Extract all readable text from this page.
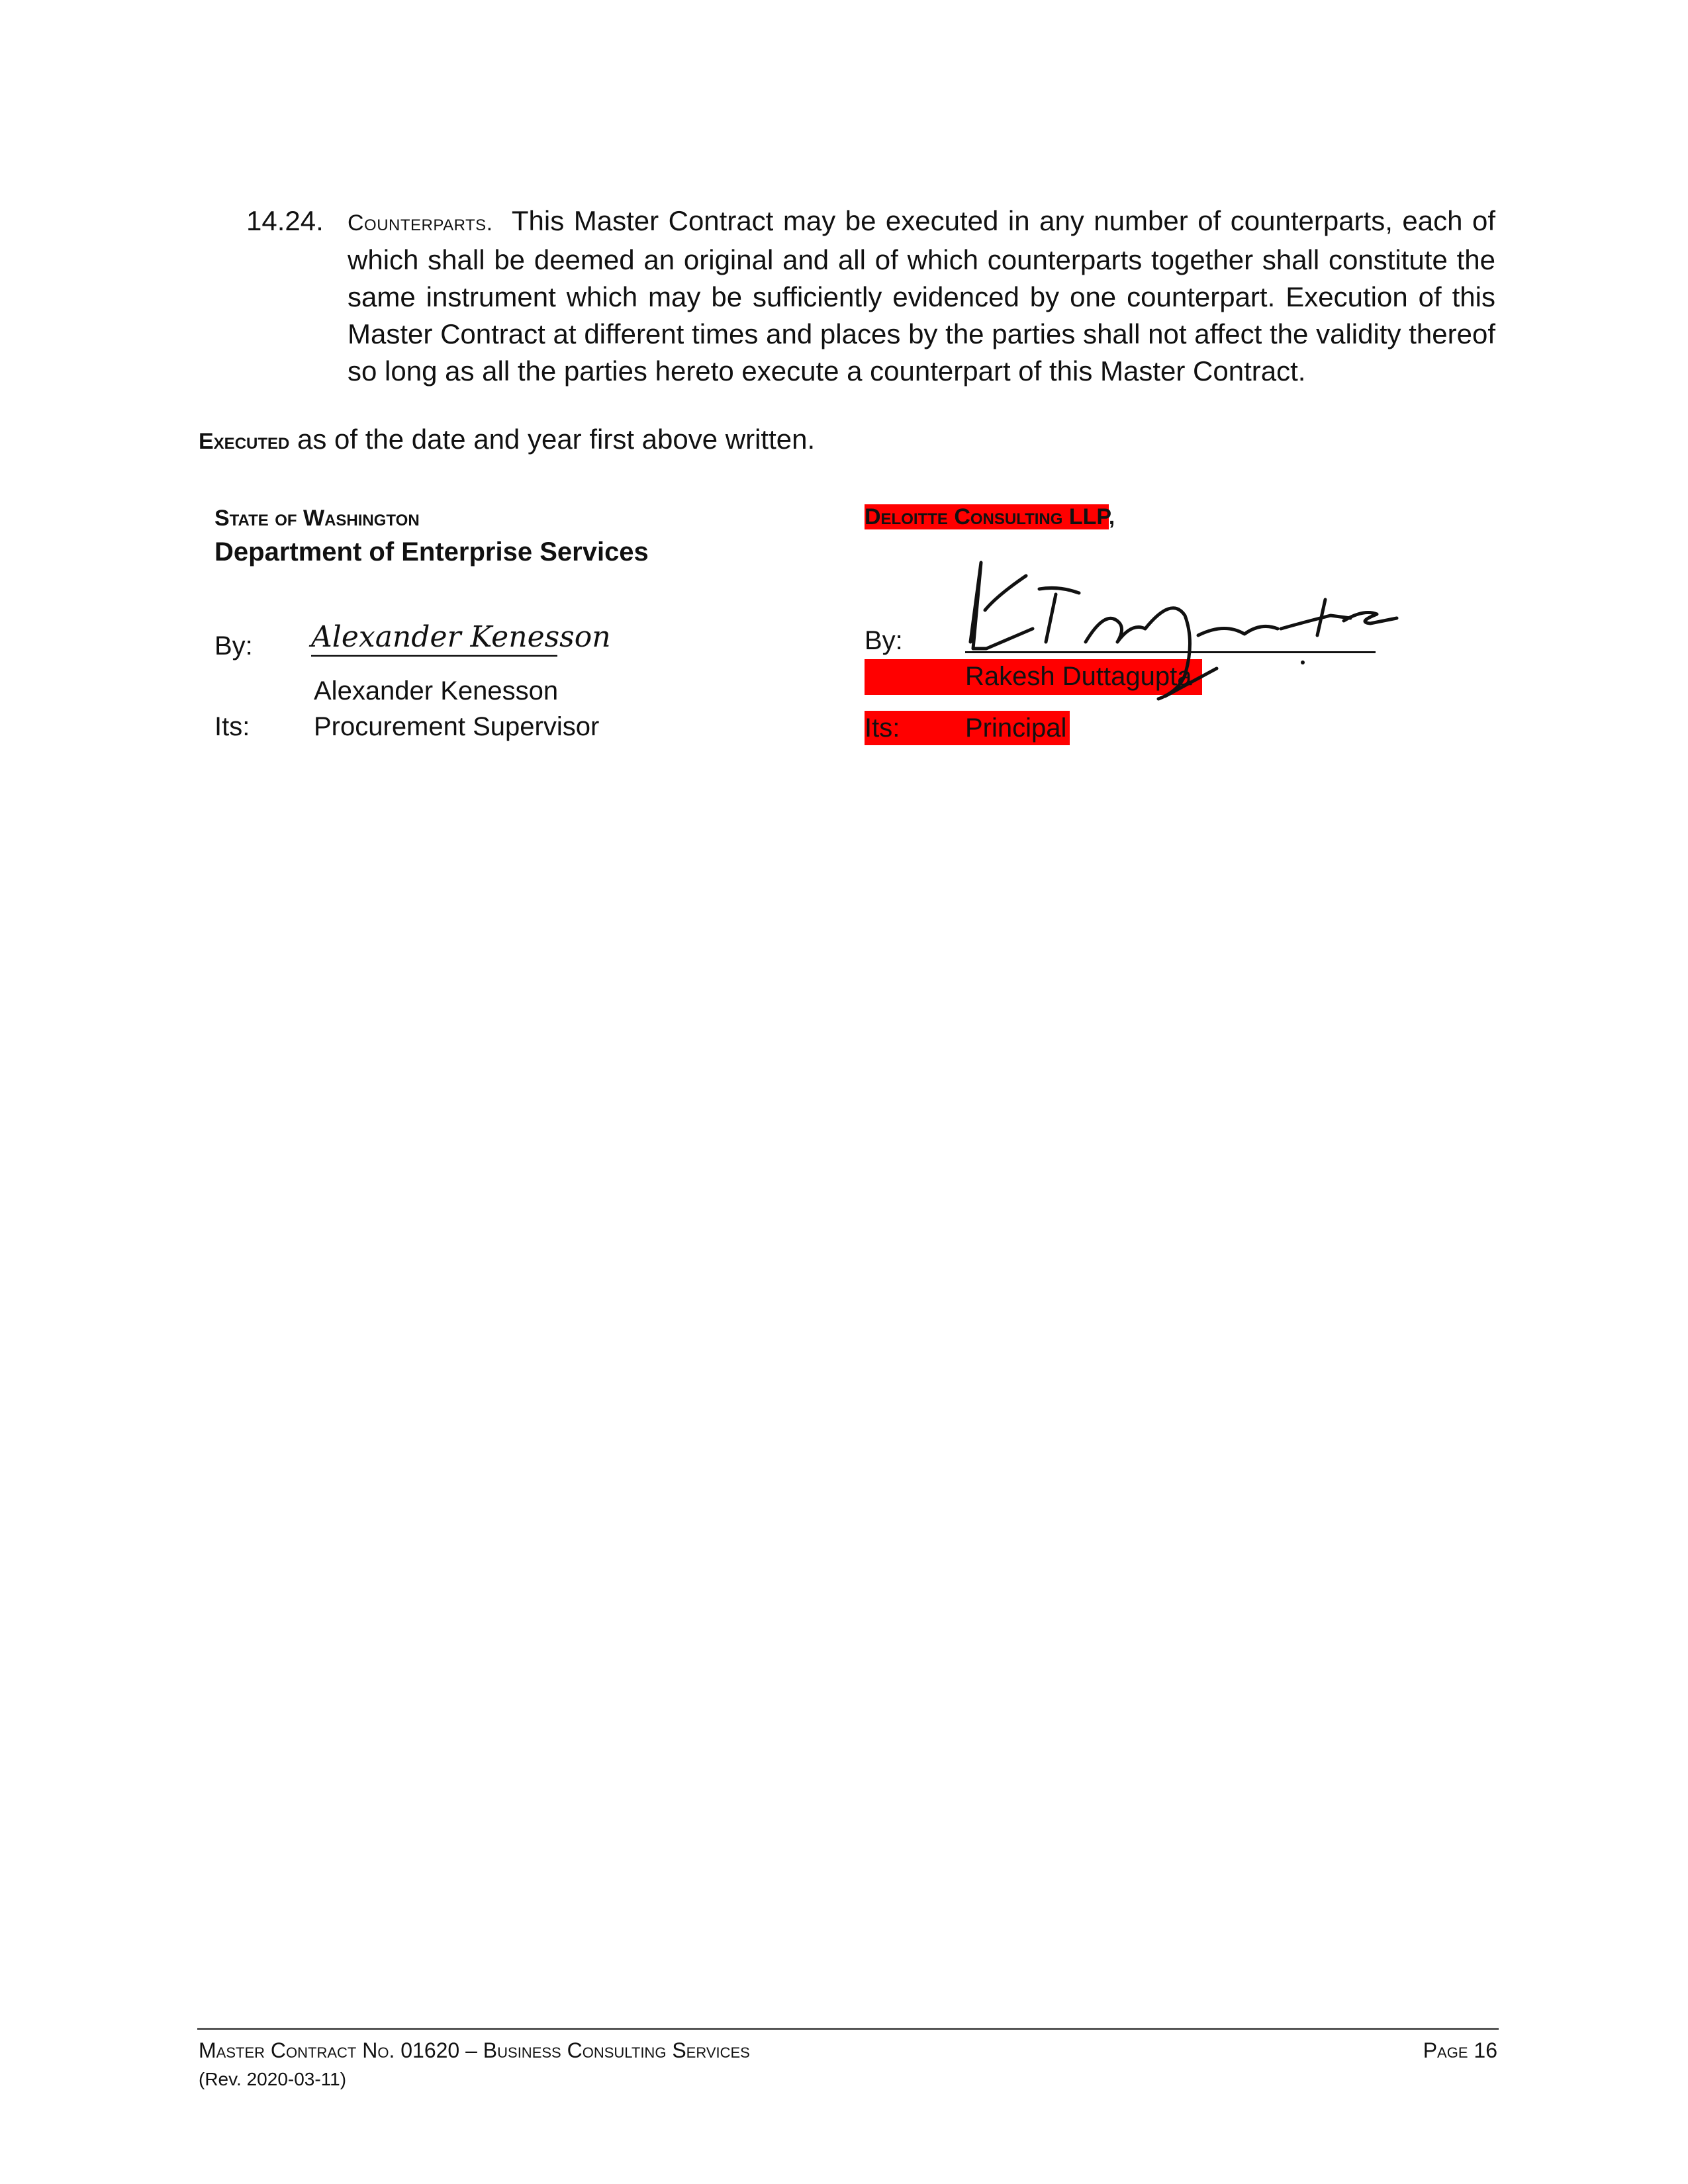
14.24. Counterparts. This Master Contract may be executed in any number of counterparts, each of which shall be deemed an original and all of which counterparts together shall constitute the same instrument which may be sufficiently evidenced by one counterpart. Execution of this Master Contract at different times and places by the parties shall not affect the validity thereof so long as all the parties hereto execute a counterpart of this Master Contract.
Executed as of the date and year first above written.
State of Washington
Department of Enterprise Services
By: Alexander Kenesson
Alexander Kenesson
Its: Procurement Supervisor
Deloitte Consulting LLP,
By:
Rakesh Duttagupta
Its: Principal
Master Contract No. 01620 – Business Consulting Services
(Rev. 2020-03-11)
Page 16
